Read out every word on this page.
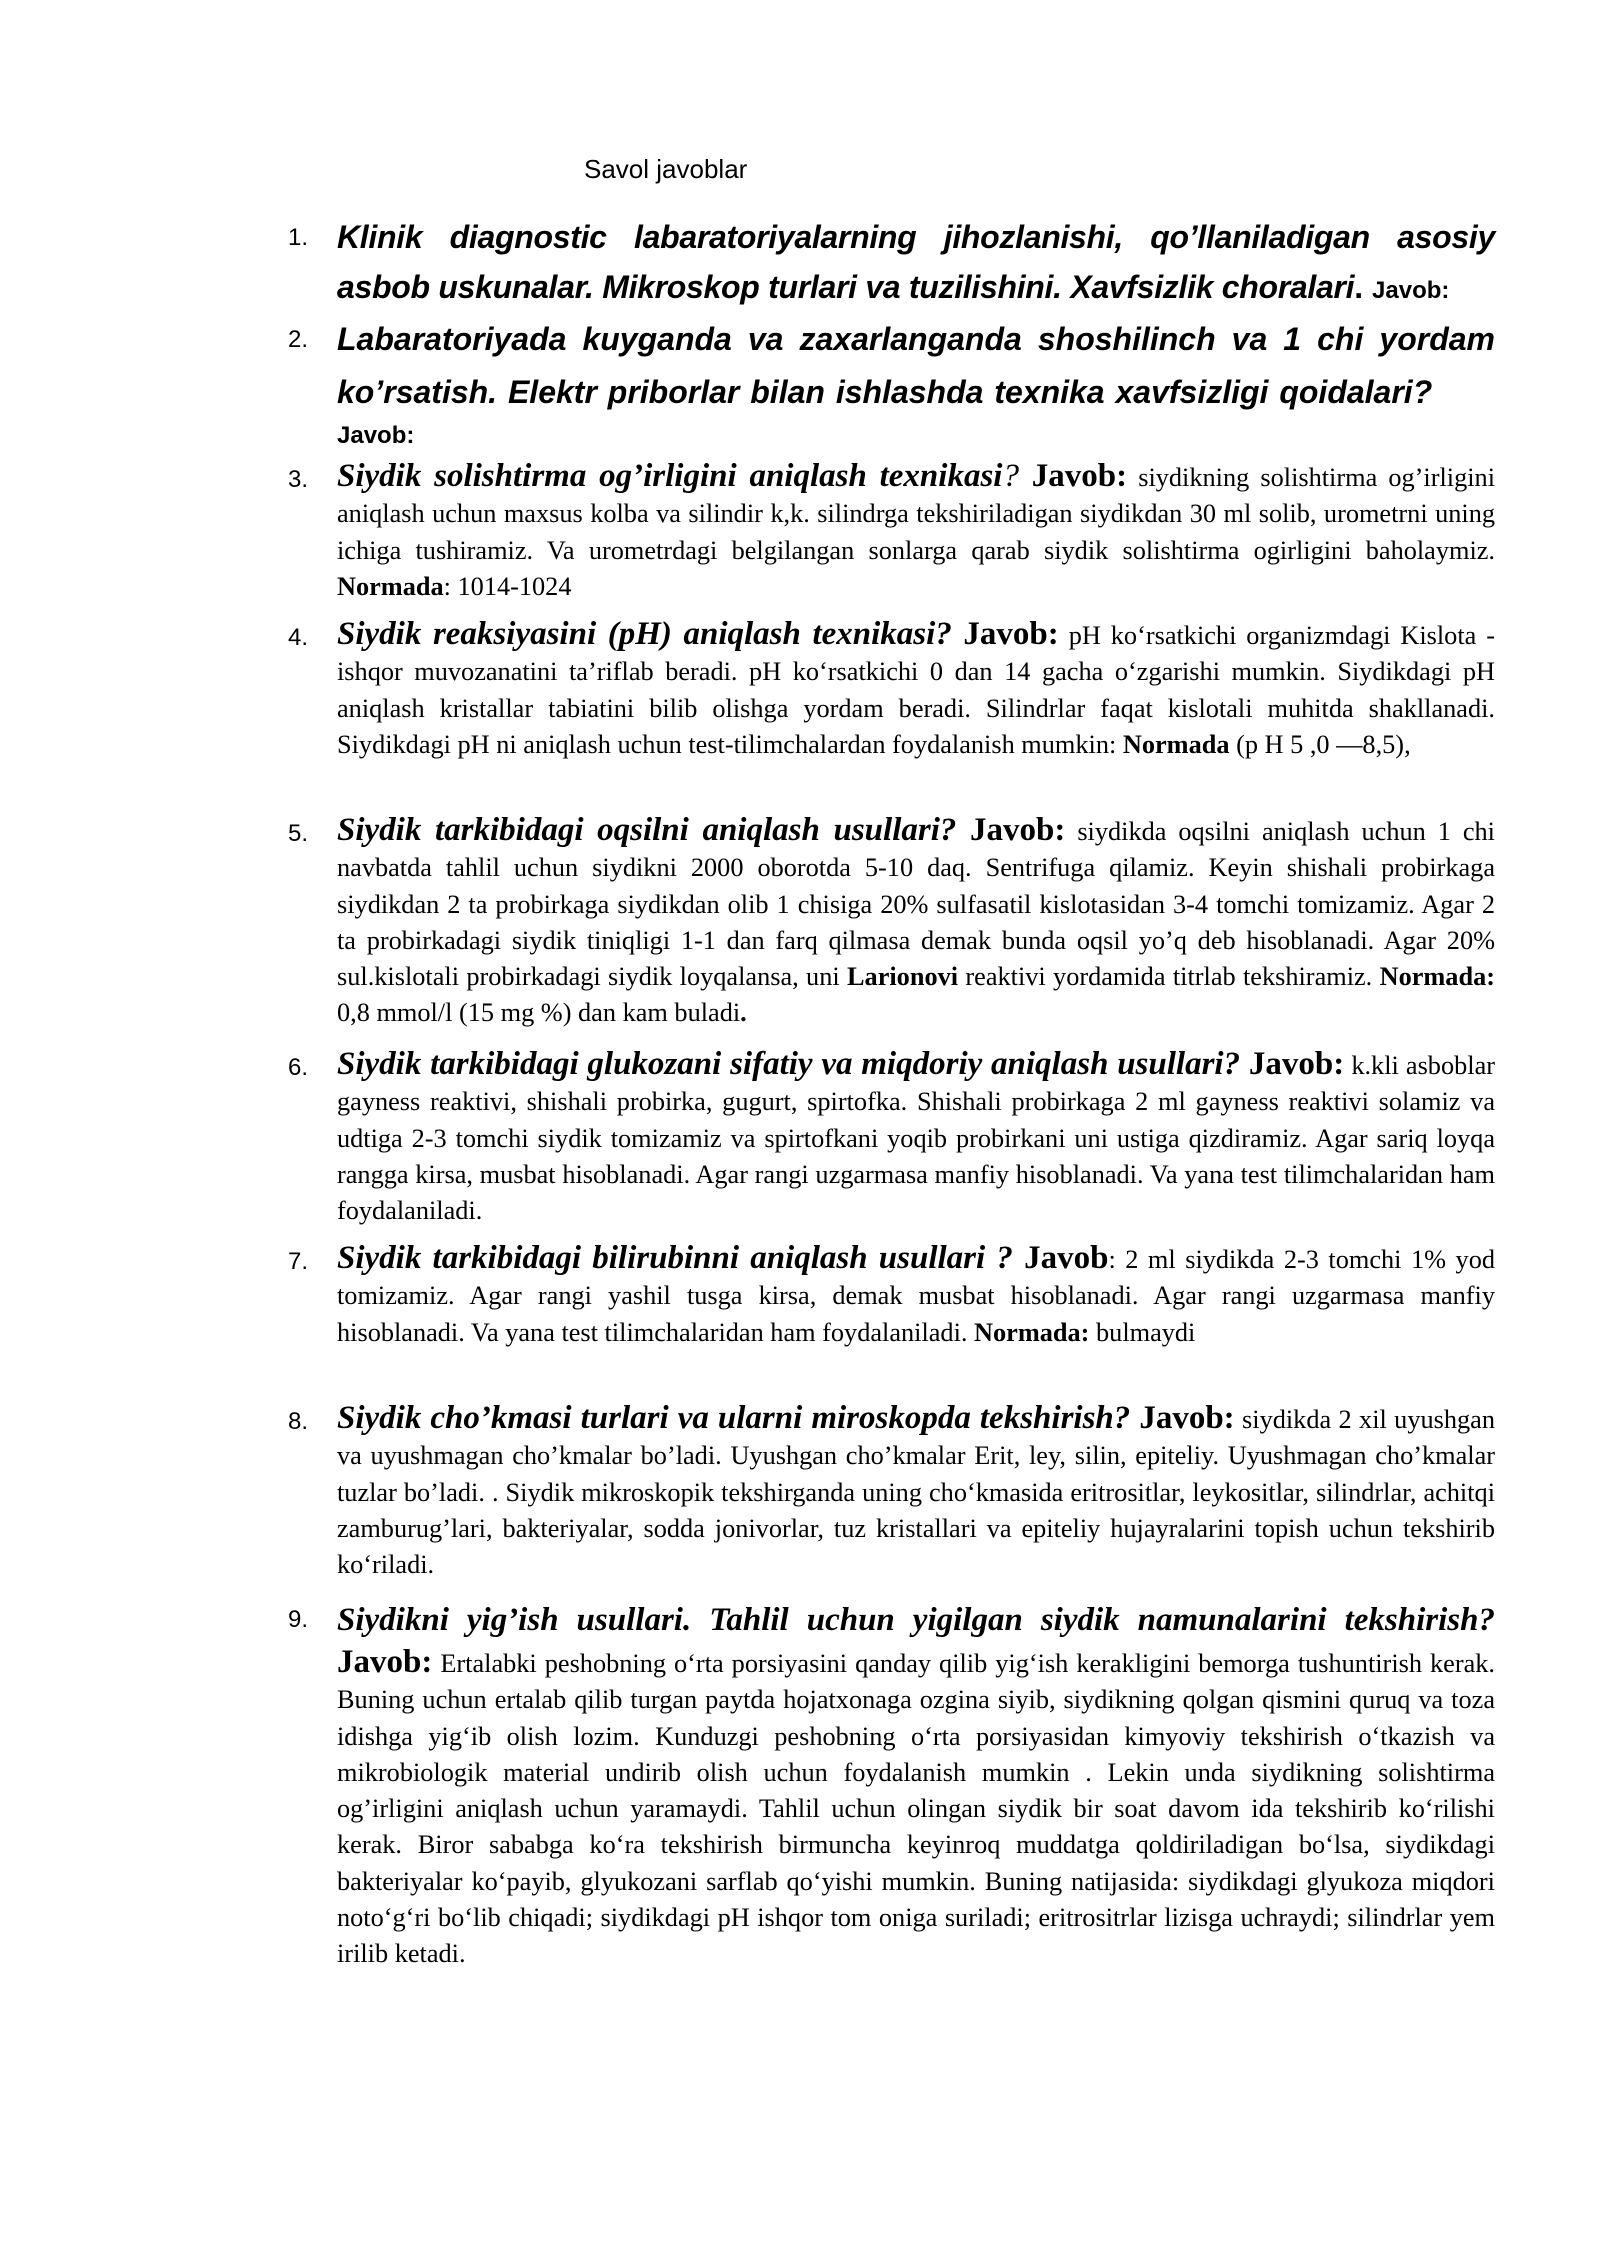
Savol javoblar
1. Klinik diagnostic labaratoriyalarning jihozlanishi, qo’llaniladigan asosiy asbob uskunalar. Mikroskop turlari va tuzilishini. Xavfsizlik choralari. Javob:
2. Labaratoriyada kuyganda va zaxarlanganda shoshilinch va 1 chi yordam ko’rsatish. Elektr priborlar bilan ishlashda texnika xavfsizligi qoidalari?
Javob:
3. Siydik solishtirma og’irligini aniqlash texnikasi? Javob: siydikning solishtirma og’irligini aniqlash uchun maxsus kolba va silindir k,k. silindrga tekshiriladigan siydikdan 30 ml solib, urometrni uning ichiga tushiramiz. Va urometrdagi belgilangan sonlarga qarab siydik solishtirma ogirligini baholaymiz. Normada: 1014-1024
4. Siydik reaksiyasini (pH) aniqlash texnikasi? Javob: pH ko‘rsatkichi organizmdagi Kislota - ishqor muvozanatini ta’riflab beradi. pH ko‘rsatkichi 0 dan 14 gacha o‘zgarishi mumkin. Siydikdagi pH aniqlash kristallar tabiatini bilib olishga yordam beradi. Silindrlar faqat kislotali muhitda shakllanadi. Siydikdagi pH ni aniqlash uchun test-tilimchalardan foydalanish mumkin: Normada (p H 5 ,0 —8,5),
5. Siydik tarkibidagi oqsilni aniqlash usullari? Javob: siydikda oqsilni aniqlash uchun 1 chi navbatda tahlil uchun siydikni 2000 oborotda 5-10 daq. Sentrifuga qilamiz. Keyin shishali probirkaga siydikdan 2 ta probirkaga siydikdan olib 1 chisiga 20% sulfasatil kislotasidan 3-4 tomchi tomizamiz. Agar 2 ta probirkadagi siydik tiniqligi 1-1 dan farq qilmasa demak bunda oqsil yo’q deb hisoblanadi. Agar 20% sul.kislotali probirkadagi siydik loyqalansa, uni Larionovi reaktivi yordamida titrlab tekshiramiz. Normada: 0,8 mmol/l (15 mg %) dan kam buladi.
6. Siydik tarkibidagi glukozani sifatiy va miqdoriy aniqlash usullari? Javob: k.kli asboblar gayness reaktivi, shishali probirka, gugurt, spirtofka. Shishali probirkaga 2 ml gayness reaktivi solamiz va udtiga 2-3 tomchi siydik tomizamiz va spirtofkani yoqib probirkani uni ustiga qizdiramiz. Agar sariq loyqa rangga kirsa, musbat hisoblanadi. Agar rangi uzgarmasa manfiy hisoblanadi. Va yana test tilimchalaridan ham foydalaniladi.
7. Siydik tarkibidagi bilirubinni aniqlash usullari ? Javob: 2 ml siydikda 2-3 tomchi 1% yod tomizamiz. Agar rangi yashil tusga kirsa, demak musbat hisoblanadi. Agar rangi uzgarmasa manfiy hisoblanadi. Va yana test tilimchalaridan ham foydalaniladi. Normada: bulmaydi
8. Siydik cho’kmasi turlari va ularni miroskopda tekshirish? Javob: siydikda 2 xil uyushgan va uyushmagan cho’kmalar bo’ladi. Uyushgan cho’kmalar Erit, ley, silin, epiteliy. Uyushmagan cho’kmalar tuzlar bo’ladi. . Siydik mikroskopik tekshirganda uning cho‘kmasida eritrositlar, leykositlar, silindrlar, achitqi zamburug’lari, bakteriyalar, sodda jonivorlar, tuz kristallari va epiteliy hujayralarini topish uchun tekshirib ko‘riladi.
9. Siydikni yig’ish usullari. Tahlil uchun yigilgan siydik namunalarini tekshirish? Javob: Ertalabki peshobning o‘rta porsiyasini qanday qilib yig‘ish kerakligini bemorga tushuntirish kerak. Buning uchun ertalab qilib turgan paytda hojatxonaga ozgina siyib, siydikning qolgan qismini quruq va toza idishga yig‘ib olish lozim. Kunduzgi peshobning o‘rta porsiyasidan kimyoviy tekshirish o‘tkazish va mikrobiologik material undirib olish uchun foydalanish mumkin . Lekin unda siydikning solishtirma og’irligini aniqlash uchun yaramaydi. Tahlil uchun olingan siydik bir soat davom ida tekshirib ko‘rilishi kerak. Biror sababga ko‘ra tekshirish birmuncha keyinroq muddatga qoldiriladigan bo‘lsa, siydikdagi bakteriyalar ko‘payib, glyukozani sarflab qo‘yishi mumkin. Buning natijasida: siydikdagi glyukoza miqdori noto‘g‘ri bo‘lib chiqadi; siydikdagi pH ishqor tom oniga suriladi; eritrositrlar lizisga uchraydi; silindrlar yem irilib ketadi.
